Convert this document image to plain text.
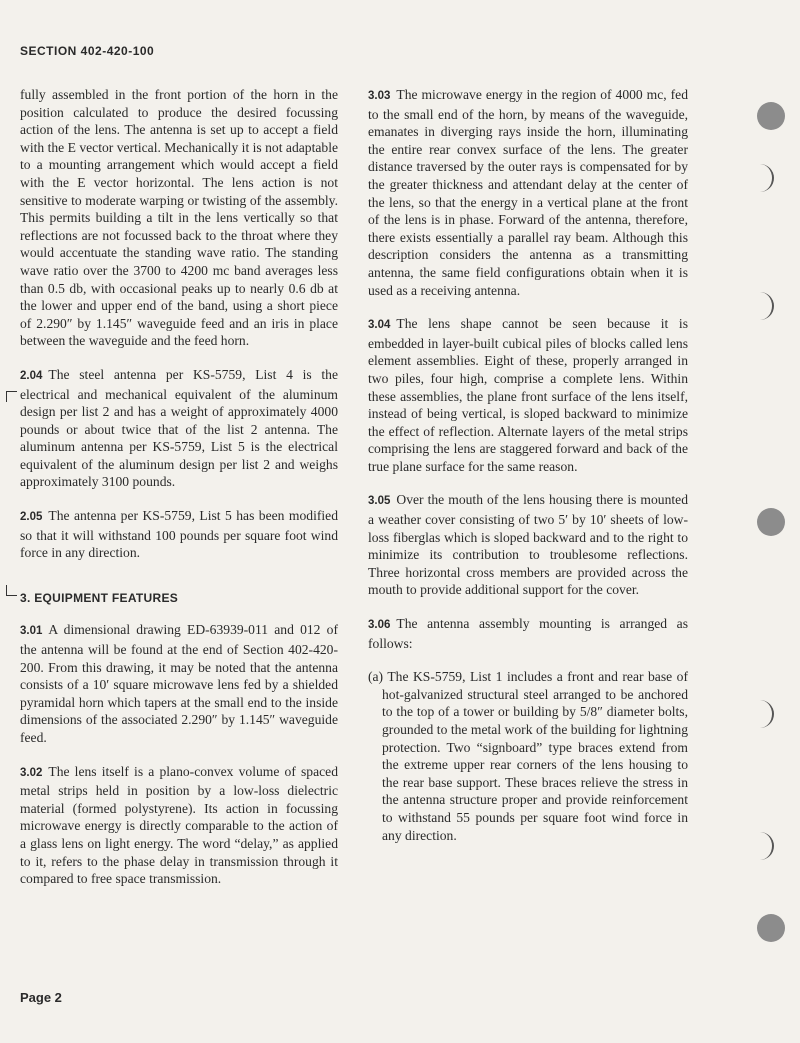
SECTION 402-420-100

fully assembled in the front portion of the horn in the position calculated to produce the desired focussing action of the lens. The antenna is set up to accept a field with the E vector vertical. Mechanically it is not adaptable to a mounting arrangement which would accept a field with the E vector horizontal. The lens action is not sensitive to moderate warping or twisting of the assembly. This permits building a tilt in the lens vertically so that reflections are not focussed back to the throat where they would accentuate the standing wave ratio. The standing wave ratio over the 3700 to 4200 mc band averages less than 0.5 db, with occasional peaks up to nearly 0.6 db at the lower and upper end of the band, using a short piece of 2.290″ by 1.145″ waveguide feed and an iris in place between the waveguide and the feed horn.

2.04 The steel antenna per KS-5759, List 4 is the electrical and mechanical equivalent of the aluminum design per list 2 and has a weight of approximately 4000 pounds or about twice that of the list 2 antenna. The aluminum antenna per KS-5759, List 5 is the electrical equivalent of the aluminum design per list 2 and weighs approximately 3100 pounds.

2.05 The antenna per KS-5759, List 5 has been modified so that it will withstand 100 pounds per square foot wind force in any direction.

3. EQUIPMENT FEATURES

3.01 A dimensional drawing ED-63939-011 and 012 of the antenna will be found at the end of Section 402-420-200. From this drawing, it may be noted that the antenna consists of a 10′ square microwave lens fed by a shielded pyramidal horn which tapers at the small end to the inside dimensions of the associated 2.290″ by 1.145″ waveguide feed.

3.02 The lens itself is a plano-convex volume of spaced metal strips held in position by a low-loss dielectric material (formed polystyrene). Its action in focussing microwave energy is directly comparable to the action of a glass lens on light energy. The word “delay,” as applied to it, refers to the phase delay in transmission through it compared to free space transmission.

3.03 The microwave energy in the region of 4000 mc, fed to the small end of the horn, by means of the waveguide, emanates in diverging rays inside the horn, illuminating the entire rear convex surface of the lens. The greater distance traversed by the outer rays is compensated for by the greater thickness and attendant delay at the center of the lens, so that the energy in a vertical plane at the front of the lens is in phase. Forward of the antenna, therefore, there exists essentially a parallel ray beam. Although this description considers the antenna as a transmitting antenna, the same field configurations obtain when it is used as a receiving antenna.

3.04 The lens shape cannot be seen because it is embedded in layer-built cubical piles of blocks called lens element assemblies. Eight of these, properly arranged in two piles, four high, comprise a complete lens. Within these assemblies, the plane front surface of the lens itself, instead of being vertical, is sloped backward to minimize the effect of reflection. Alternate layers of the metal strips comprising the lens are staggered forward and back of the true plane surface for the same reason.

3.05 Over the mouth of the lens housing there is mounted a weather cover consisting of two 5′ by 10′ sheets of low-loss fiberglas which is sloped backward and to the right to minimize its contribution to troublesome reflections. Three horizontal cross members are provided across the mouth to provide additional support for the cover.

3.06 The antenna assembly mounting is arranged as follows:

(a) The KS-5759, List 1 includes a front and rear base of hot-galvanized structural steel arranged to be anchored to the top of a tower or building by 5/8″ diameter bolts, grounded to the metal work of the building for lightning protection. Two “signboard” type braces extend from the extreme upper rear corners of the lens housing to the rear base support. These braces relieve the stress in the antenna structure proper and provide reinforcement to withstand 55 pounds per square foot wind force in any direction.

Page 2
